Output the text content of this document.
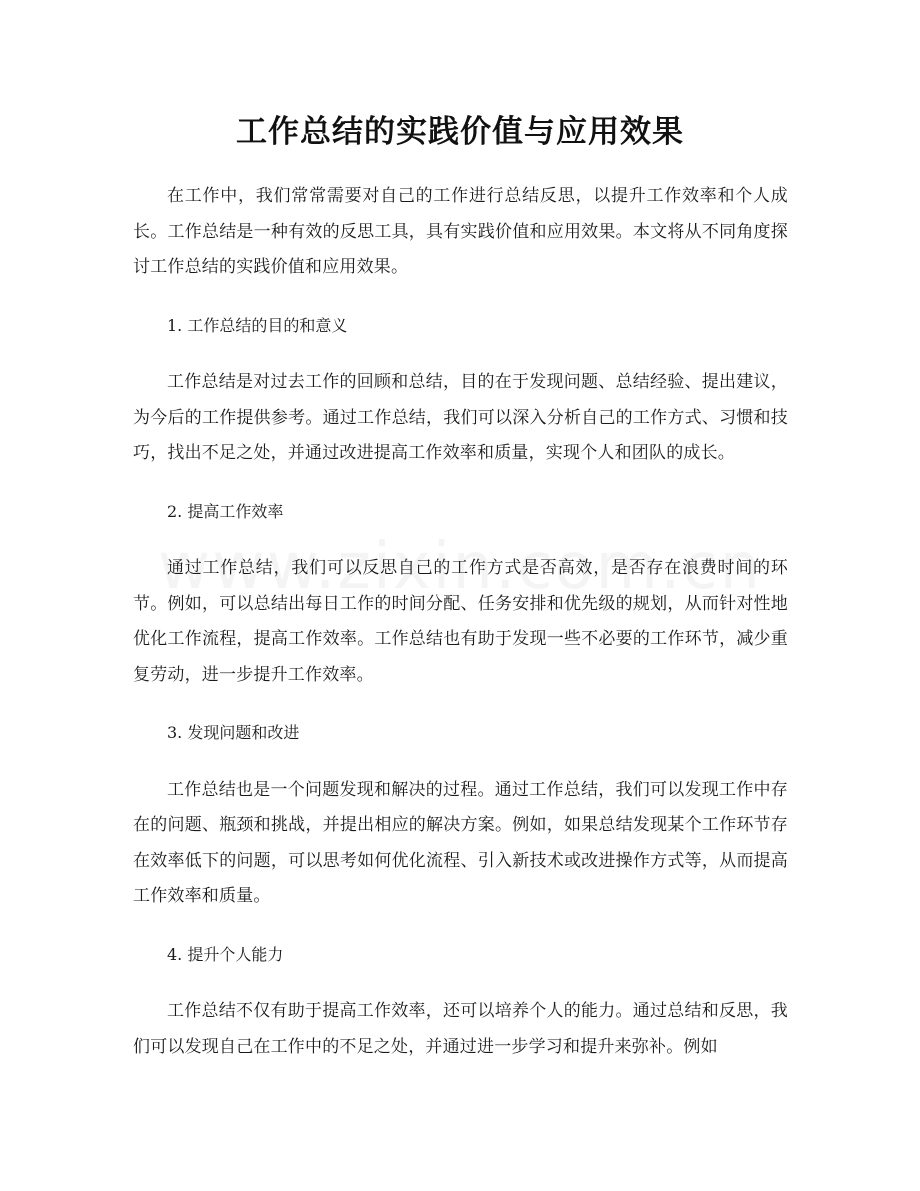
工作总结的实践价值与应用效果

在工作中，我们常常需要对自己的工作进行总结反思，以提升工作效率和个人成长。工作总结是一种有效的反思工具，具有实践价值和应用效果。本文将从不同角度探讨工作总结的实践价值和应用效果。

1. 工作总结的目的和意义

工作总结是对过去工作的回顾和总结，目的在于发现问题、总结经验、提出建议，为今后的工作提供参考。通过工作总结，我们可以深入分析自己的工作方式、习惯和技巧，找出不足之处，并通过改进提高工作效率和质量，实现个人和团队的成长。

2. 提高工作效率

通过工作总结，我们可以反思自己的工作方式是否高效，是否存在浪费时间的环节。例如，可以总结出每日工作的时间分配、任务安排和优先级的规划，从而针对性地优化工作流程，提高工作效率。工作总结也有助于发现一些不必要的工作环节，减少重复劳动，进一步提升工作效率。

3. 发现问题和改进

工作总结也是一个问题发现和解决的过程。通过工作总结，我们可以发现工作中存在的问题、瓶颈和挑战，并提出相应的解决方案。例如，如果总结发现某个工作环节存在效率低下的问题，可以思考如何优化流程、引入新技术或改进操作方式等，从而提高工作效率和质量。

4. 提升个人能力

工作总结不仅有助于提高工作效率，还可以培养个人的能力。通过总结和反思，我们可以发现自己在工作中的不足之处，并通过进一步学习和提升来弥补。例如
